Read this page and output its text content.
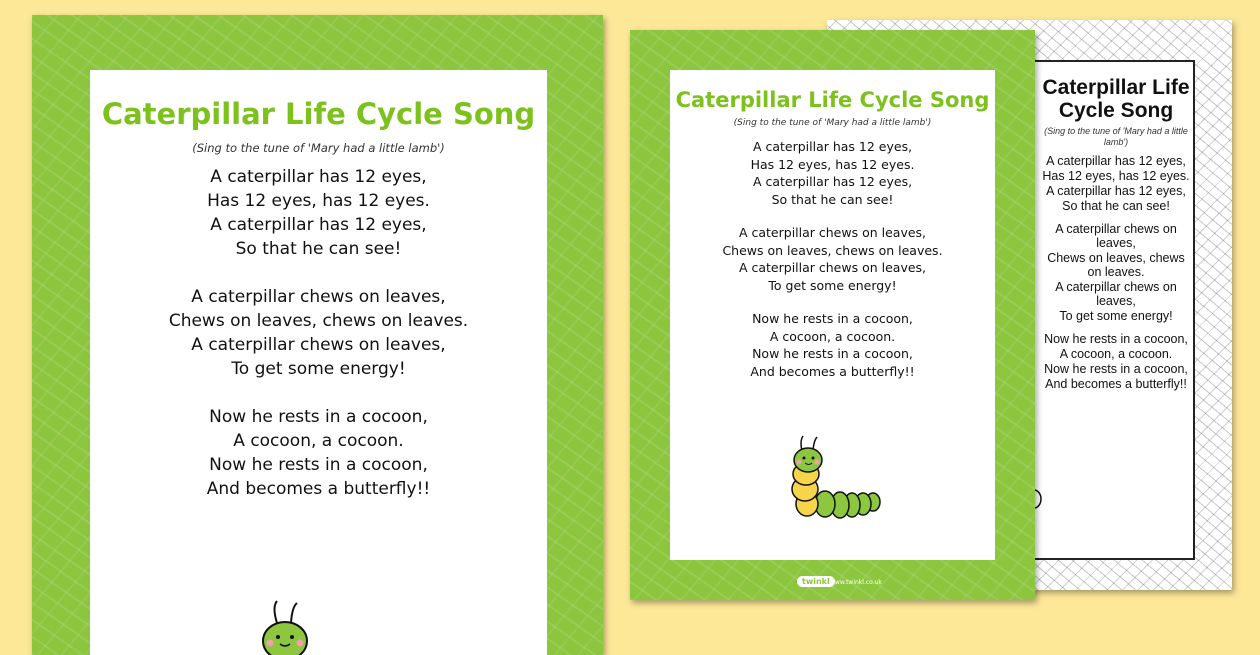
Caterpillar Life Cycle Song
(Sing to the tune of 'Mary had a little lamb')
A caterpillar has 12 eyes,
Has 12 eyes, has 12 eyes.
A caterpillar has 12 eyes,
So that he can see!
A caterpillar chews on leaves,
Chews on leaves, chews on leaves.
A caterpillar chews on leaves,
To get some energy!
Now he rests in a cocoon,
A cocoon, a cocoon.
Now he rests in a cocoon,
And becomes a butterfly!!
Caterpillar Life Cycle Song
(Sing to the tune of 'Mary had a little lamb')
A caterpillar has 12 eyes,
Has 12 eyes, has 12 eyes.
A caterpillar has 12 eyes,
So that he can see!
A caterpillar chews on leaves,
Chews on leaves, chews on leaves.
A caterpillar chews on leaves,
To get some energy!
Now he rests in a cocoon,
A cocoon, a cocoon.
Now he rests in a cocoon,
And becomes a butterfly!!
twinkl www.twinkl.co.uk
Caterpillar Life Cycle Song
(Sing to the tune of 'Mary had a little lamb')
A caterpillar has 12 eyes,
Has 12 eyes, has 12 eyes.
A caterpillar has 12 eyes,
So that he can see!
A caterpillar chews on leaves,
Chews on leaves, chews on leaves.
A caterpillar chews on leaves,
To get some energy!
Now he rests in a cocoon,
A cocoon, a cocoon.
Now he rests in a cocoon,
And becomes a butterfly!!
